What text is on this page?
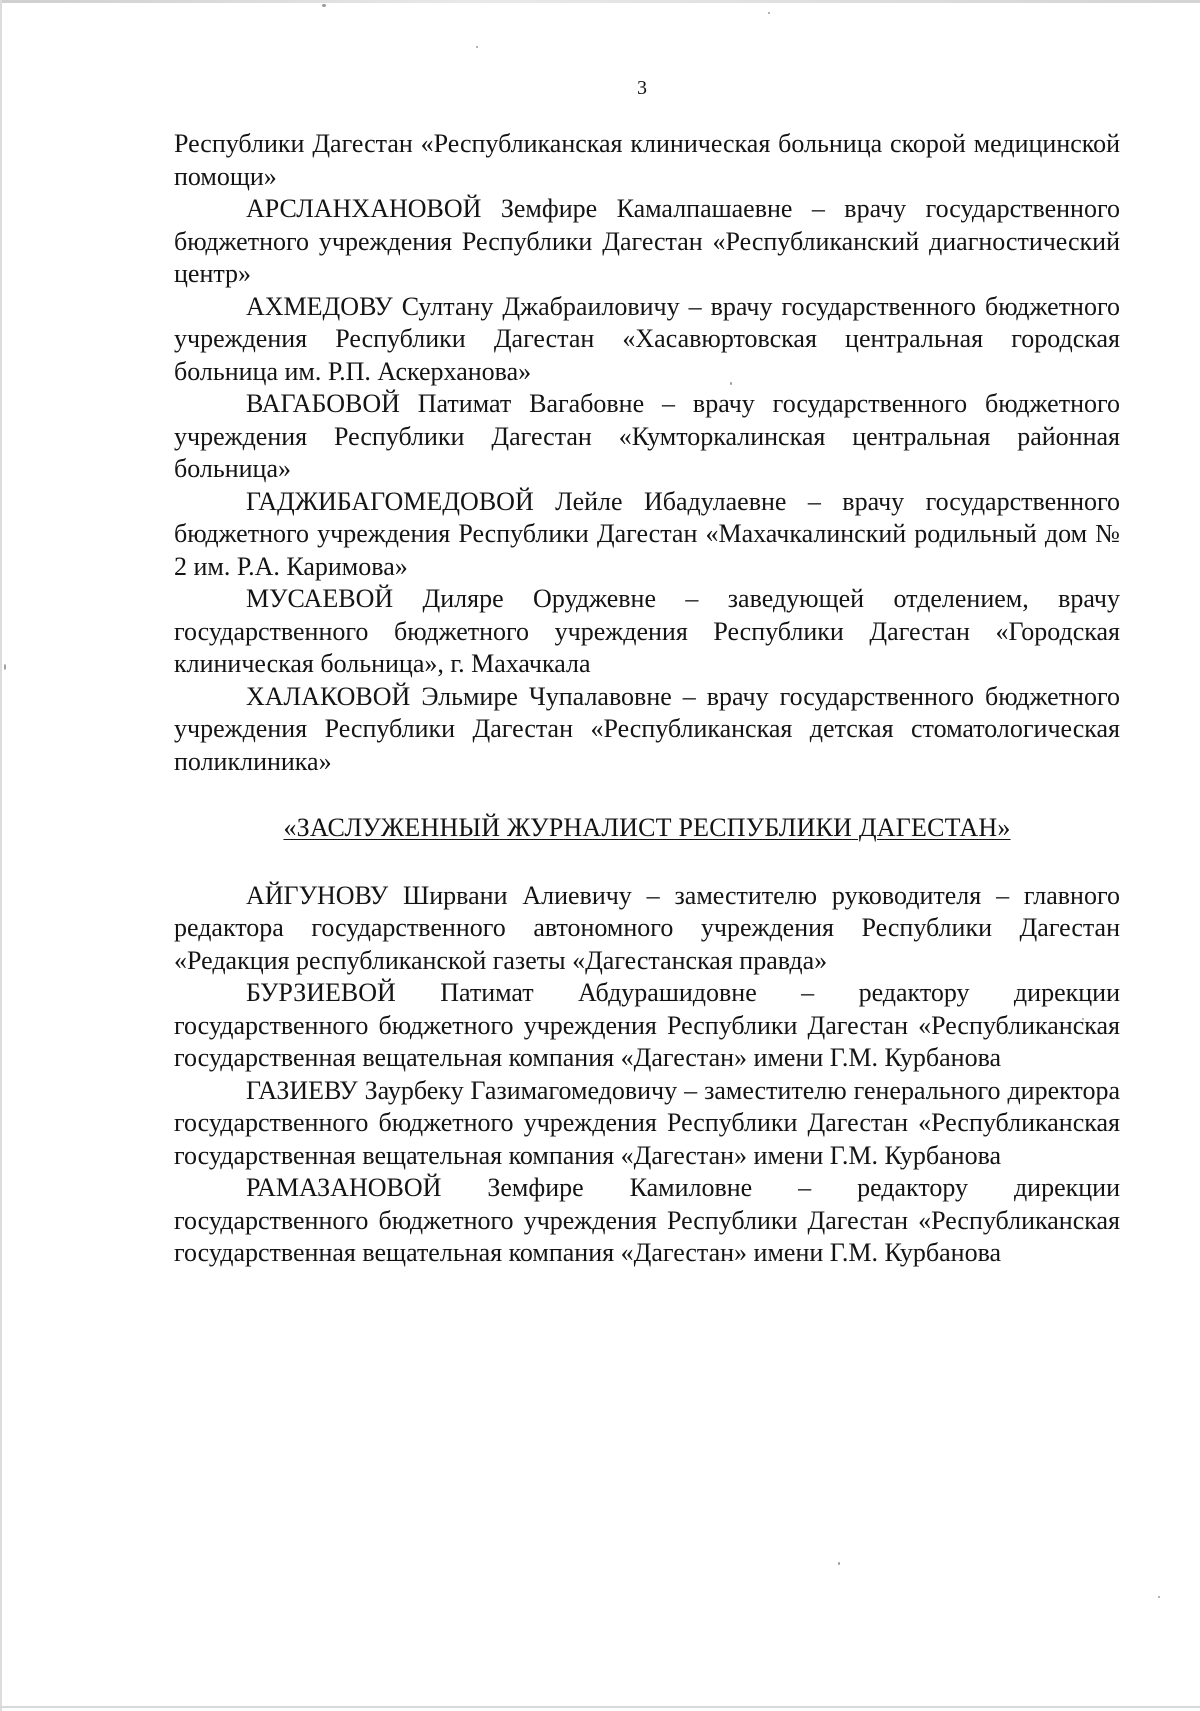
3

Республики Дагестан «Республиканская клиническая больница скорой медицинской помощи»

АРСЛАНХАНОВОЙ Земфире Камалпашаевне – врачу государственного бюджетного учреждения Республики Дагестан «Республиканский диагностический центр»

АХМЕДОВУ Султану Джабраиловичу – врачу государственного бюджетного учреждения Республики Дагестан «Хасавюртовская центральная городская больница им. Р.П. Аскерханова»

ВАГАБОВОЙ Патимат Вагабовне – врачу государственного бюджетного учреждения Республики Дагестан «Кумторкалинская центральная районная больница»

ГАДЖИБАГОМЕДОВОЙ Лейле Ибадулаевне – врачу государственного бюджетного учреждения Республики Дагестан «Махачкалинский родильный дом № 2 им. Р.А. Каримова»

МУСАЕВОЙ Диляре Оруджевне – заведующей отделением, врачу государственного бюджетного учреждения Республики Дагестан «Городская клиническая больница», г. Махачкала

ХАЛАКОВОЙ Эльмире Чупалавовне – врачу государственного бюджетного учреждения Республики Дагестан «Республиканская детская стоматологическая поликлиника»

«ЗАСЛУЖЕННЫЙ ЖУРНАЛИСТ РЕСПУБЛИКИ ДАГЕСТАН»

АЙГУНОВУ Ширвани Алиевичу – заместителю руководителя – главного редактора государственного автономного учреждения Республики Дагестан «Редакция республиканской газеты «Дагестанская правда»

БУРЗИЕВОЙ Патимат Абдурашидовне – редактору дирекции государственного бюджетного учреждения Республики Дагестан «Республиканская государственная вещательная компания «Дагестан» имени Г.М. Курбанова

ГАЗИЕВУ Заурбеку Газимагомедовичу – заместителю генерального директора государственного бюджетного учреждения Республики Дагестан «Республиканская государственная вещательная компания «Дагестан» имени Г.М. Курбанова

РАМАЗАНОВОЙ Земфире Камиловне – редактору дирекции государственного бюджетного учреждения Республики Дагестан «Республиканская государственная вещательная компания «Дагестан» имени Г.М. Курбанова
